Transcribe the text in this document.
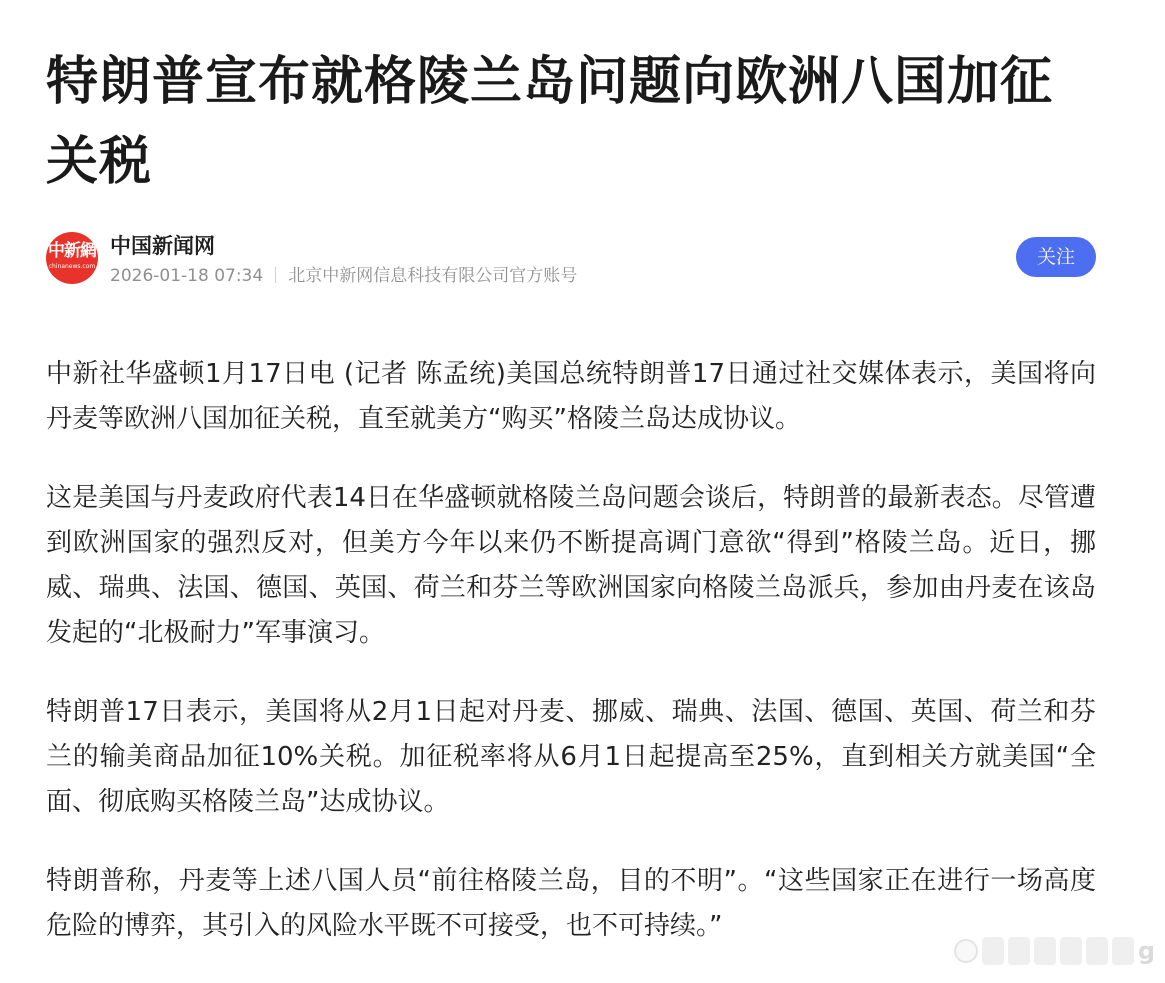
特朗普宣布就格陵兰岛问题向欧洲八国加征关税
中新網
chinanews.com
中国新闻网
2026-01-18 07:34 北京中新网信息科技有限公司官方账号
关注

中新社华盛顿1月17日电 (记者 陈孟统)美国总统特朗普17日通过社交媒体表示，美国将向丹麦等欧洲八国加征关税，直至就美方“购买”格陵兰岛达成协议。

这是美国与丹麦政府代表14日在华盛顿就格陵兰岛问题会谈后，特朗普的最新表态。尽管遭到欧洲国家的强烈反对，但美方今年以来仍不断提高调门意欲“得到”格陵兰岛。近日，挪威、瑞典、法国、德国、英国、荷兰和芬兰等欧洲国家向格陵兰岛派兵，参加由丹麦在该岛发起的“北极耐力”军事演习。

特朗普17日表示，美国将从2月1日起对丹麦、挪威、瑞典、法国、德国、英国、荷兰和芬兰的输美商品加征10%关税。加征税率将从6月1日起提高至25%，直到相关方就美国“全面、彻底购买格陵兰岛”达成协议。

特朗普称，丹麦等上述八国人员“前往格陵兰岛，目的不明”。“这些国家正在进行一场高度危险的博弈，其引入的风险水平既不可接受，也不可持续。”

g
